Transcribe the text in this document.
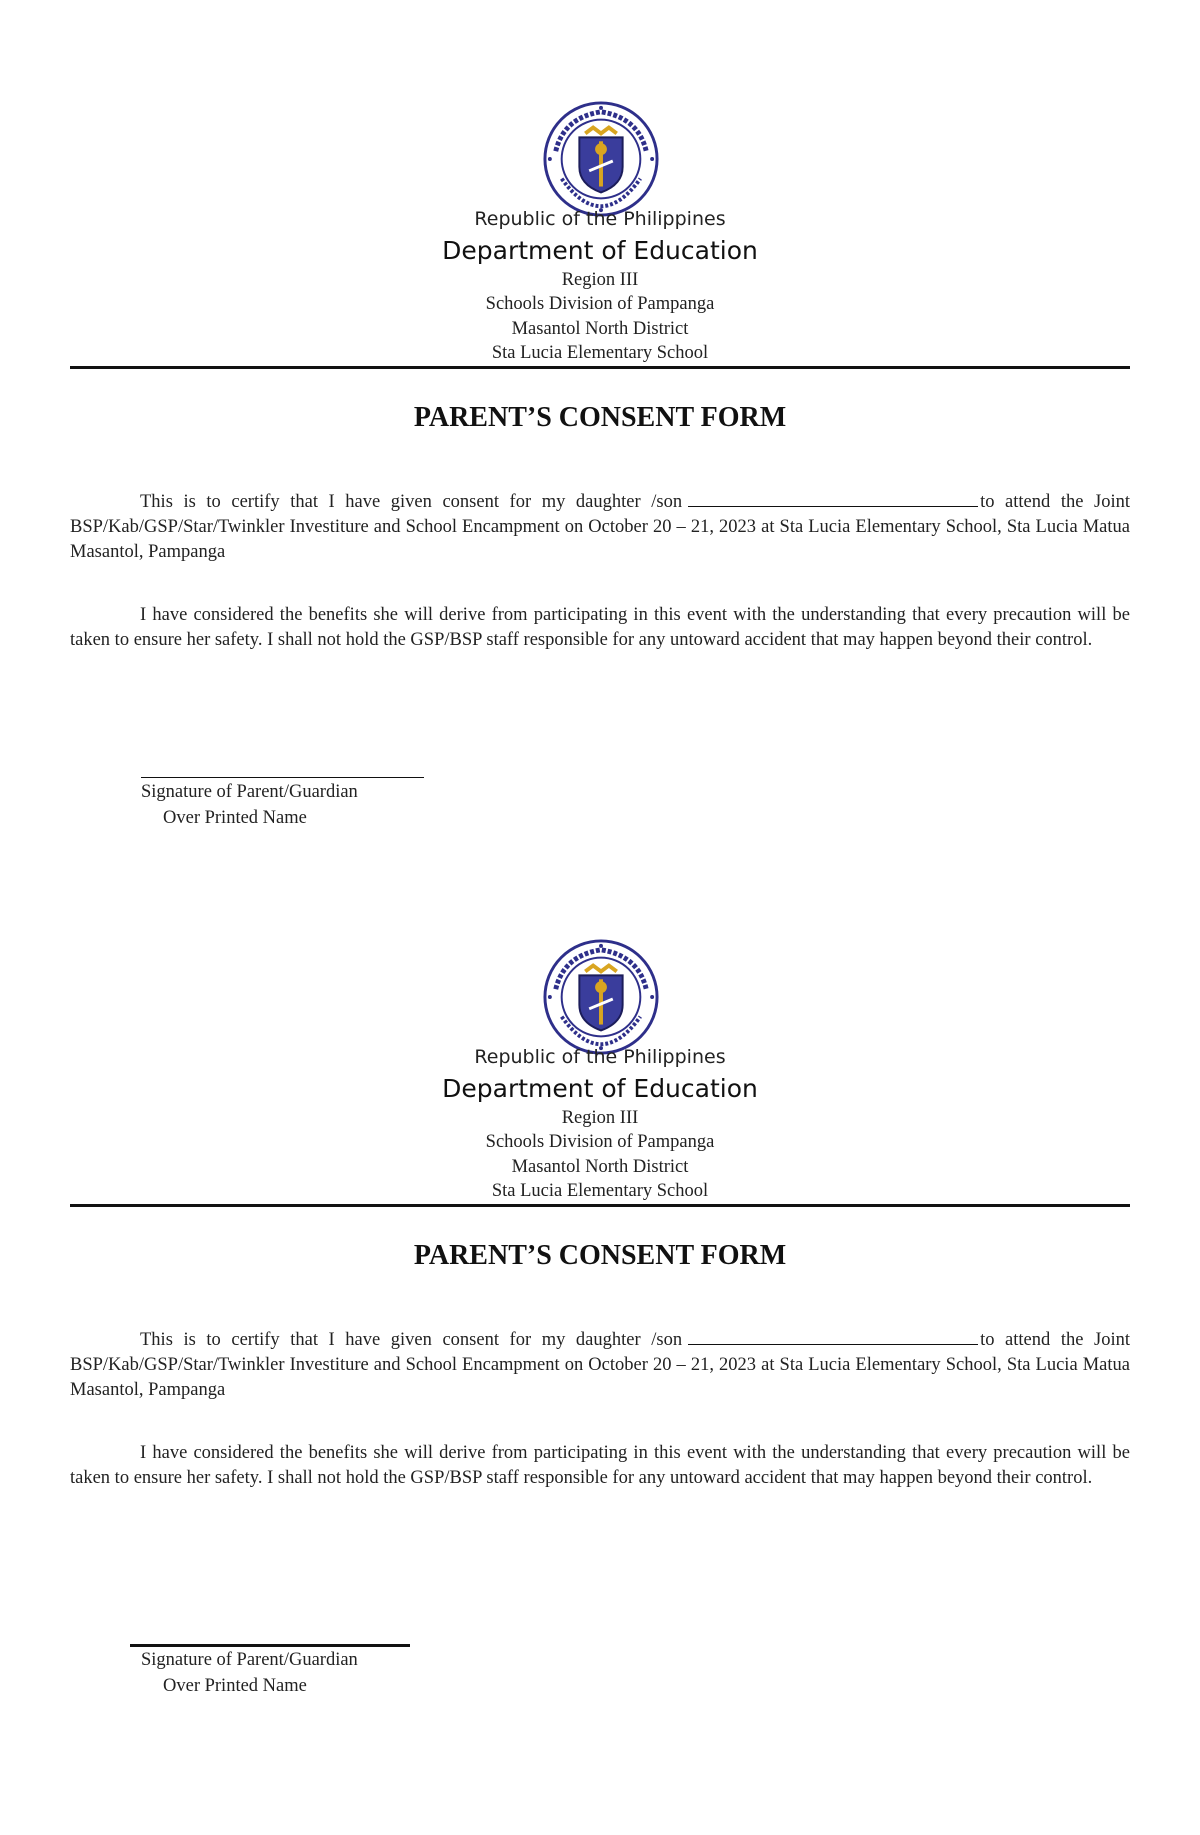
Republic of the Philippines
Department of Education
Region III
Schools Division of Pampanga
Masantol North District
Sta Lucia Elementary School
PARENT’S CONSENT FORM

This is to certify that I have given consent for my daughter /son	to attend the Joint BSP/Kab/GSP/Star/Twinkler Investiture and School Encampment on October 20 – 21, 2023 at Sta Lucia Elementary School, Sta Lucia Matua Masantol, Pampanga

I have considered the benefits she will derive from participating in this event with the understanding that every precaution will be taken to ensure her safety. I shall not hold the GSP/BSP staff responsible for any untoward accident that may happen beyond their control.

Signature of Parent/Guardian
Over Printed Name
Republic of the Philippines
Department of Education
Region III
Schools Division of Pampanga
Masantol North District
Sta Lucia Elementary School
PARENT’S CONSENT FORM

This is to certify that I have given consent for my daughter /son	to attend the Joint BSP/Kab/GSP/Star/Twinkler Investiture and School Encampment on October 20 – 21, 2023 at Sta Lucia Elementary School, Sta Lucia Matua Masantol, Pampanga

I have considered the benefits she will derive from participating in this event with the understanding that every precaution will be taken to ensure her safety. I shall not hold the GSP/BSP staff responsible for any untoward accident that may happen beyond their control.

Signature of Parent/Guardian
Over Printed Name
